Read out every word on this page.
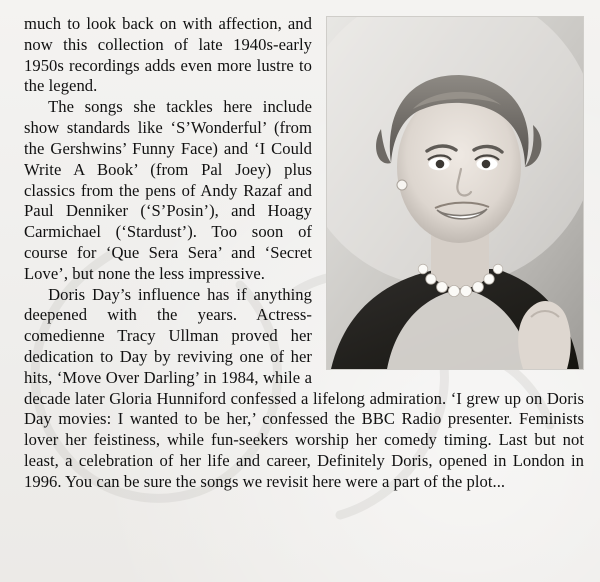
much to look back on with affection, and now this collection of late 1940s-early 1950s recordings adds even more lustre to the legend.

The songs she tackles here include show standards like ‘S’Wonderful’ (from the Gershwins’ Funny Face) and ‘I Could Write A Book’ (from Pal Joey) plus classics from the pens of Andy Razaf and Paul Denniker (‘S’Posin’), and Hoagy Carmichael (‘Stardust’). Too soon of course for ‘Que Sera Sera’ and ‘Secret Love’, but none the less impressive.

Doris Day’s influence has if anything deepened with the years. Actress-comedienne Tracy Ullman proved her dedication to Day by reviving one of her hits, ‘Move Over Darling’ in 1984, while a decade later Gloria Hunniford confessed a lifelong admiration. ‘I grew up on Doris Day movies: I wanted to be her,’ confessed the BBC Radio presenter. Feminists lover her feistiness, while fun-seekers worship her comedy timing. Last but not least, a celebration of her life and career, Definitely Doris, opened in London in 1996. You can be sure the songs we revisit here were a part of the plot...
